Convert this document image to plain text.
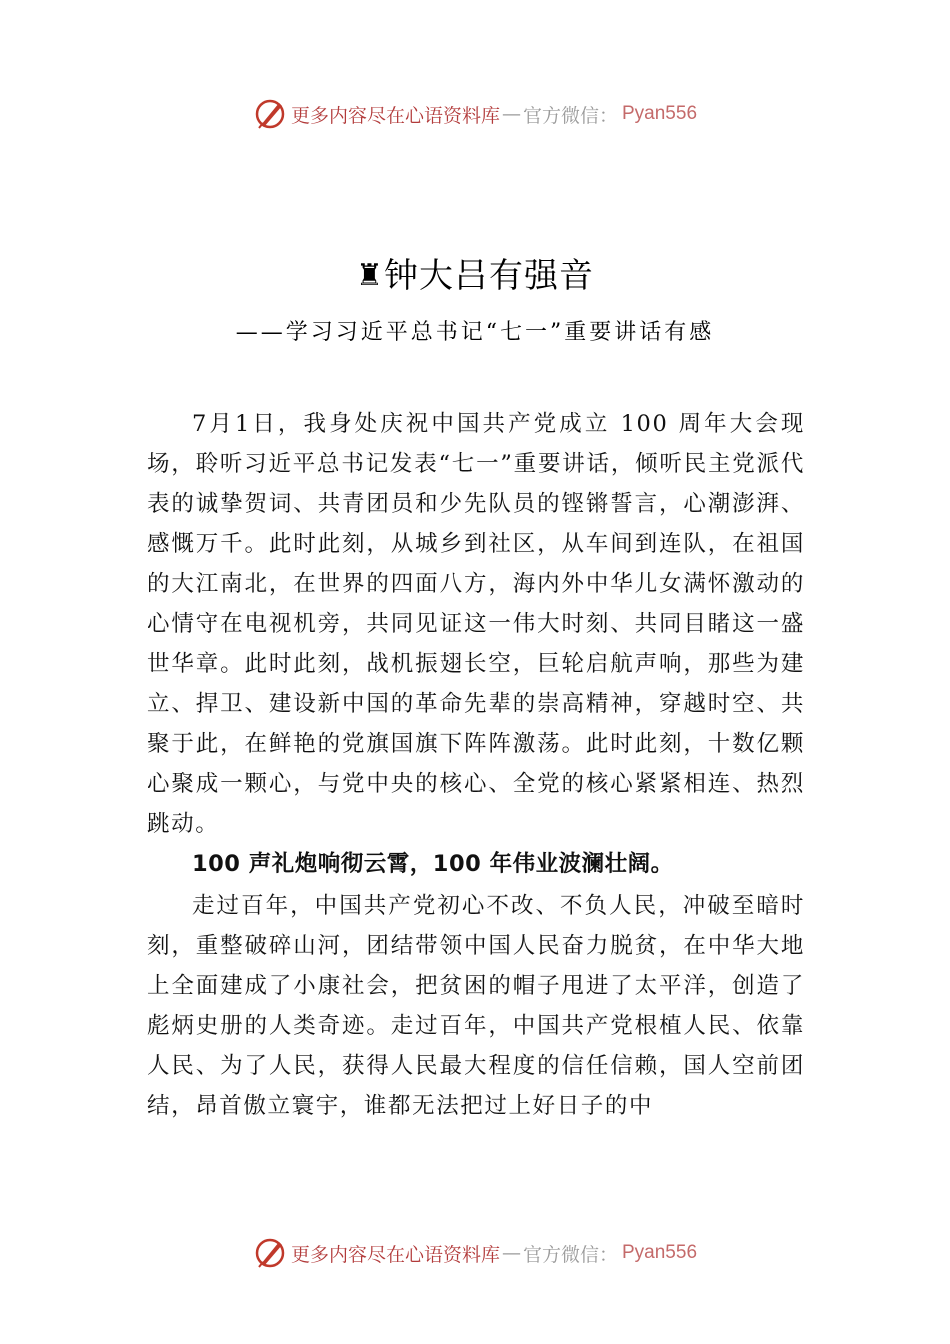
更多内容尽在心语资料库 — 官方微信： Pyan556
♜钟大吕有强音
——学习习近平总书记“七一”重要讲话有感

7月1日，我身处庆祝中国共产党成立 100 周年大会现场，聆听习近平总书记发表“七一”重要讲话，倾听民主党派代表的诚挚贺词、共青团员和少先队员的铿锵誓言，心潮澎湃、感慨万千。此时此刻，从城乡到社区，从车间到连队，在祖国的大江南北，在世界的四面八方，海内外中华儿女满怀激动的心情守在电视机旁，共同见证这一伟大时刻、共同目睹这一盛世华章。此时此刻，战机振翅长空，巨轮启航声响，那些为建立、捍卫、建设新中国的革命先辈的崇高精神，穿越时空、共聚于此，在鲜艳的党旗国旗下阵阵激荡。此时此刻，十数亿颗心聚成一颗心，与党中央的核心、全党的核心紧紧相连、热烈跳动。

100 声礼炮响彻云霄，100 年伟业波澜壮阔。

走过百年，中国共产党初心不改、不负人民，冲破至暗时刻，重整破碎山河，团结带领中国人民奋力脱贫，在中华大地上全面建成了小康社会，把贫困的帽子甩进了太平洋，创造了彪炳史册的人类奇迹。走过百年，中国共产党根植人民、依靠人民、为了人民，获得人民最大程度的信任信赖，国人空前团结，昂首傲立寰宇，谁都无法把过上好日子的中

更多内容尽在心语资料库 — 官方微信： Pyan556
